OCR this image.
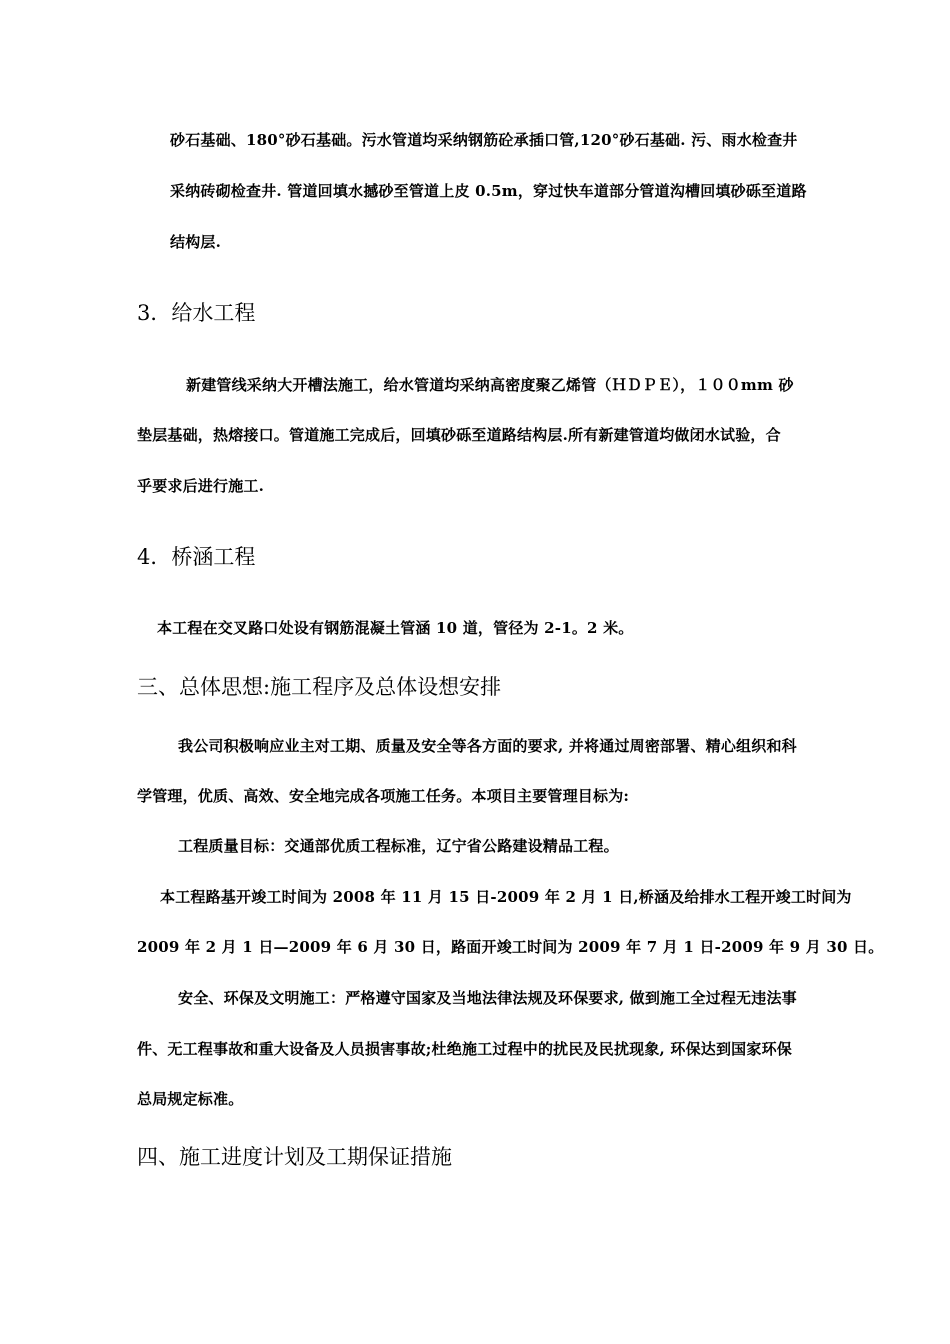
砂石基础、180°砂石基础。污水管道均采纳钢筋砼承插口管,120°砂石基础. 污、雨水检查井
采纳砖砌检查井. 管道回填水撼砂至管道上皮 0.5m，穿过快车道部分管道沟槽回填砂砾至道路
结构层.
3．给水工程
新建管线采纳大开槽法施工，给水管道均采纳高密度聚乙烯管（ＨＤＰＥ），１００mm 砂
垫层基础，热熔接口。管道施工完成后，回填砂砾至道路结构层.所有新建管道均做闭水试验，合
乎要求后进行施工.
4．桥涵工程
本工程在交叉路口处设有钢筋混凝土管涵 10 道，管径为 2-1。2 米。
三、总体思想:施工程序及总体设想安排
我公司积极响应业主对工期、质量及安全等各方面的要求, 并将通过周密部署、精心组织和科
学管理，优质、高效、安全地完成各项施工任务。本项目主要管理目标为:
工程质量目标：交通部优质工程标准，辽宁省公路建设精品工程。
本工程路基开竣工时间为 2008 年 11 月 15 日-2009 年 2 月 1 日,桥涵及给排水工程开竣工时间为
2009 年 2 月 1 日—2009 年 6 月 30 日，路面开竣工时间为 2009 年 7 月 1 日-2009 年 9 月 30 日。
安全、环保及文明施工：严格遵守国家及当地法律法规及环保要求, 做到施工全过程无违法事
件、无工程事故和重大设备及人员损害事故;杜绝施工过程中的扰民及民扰现象, 环保达到国家环保
总局规定标准。
四、施工进度计划及工期保证措施
